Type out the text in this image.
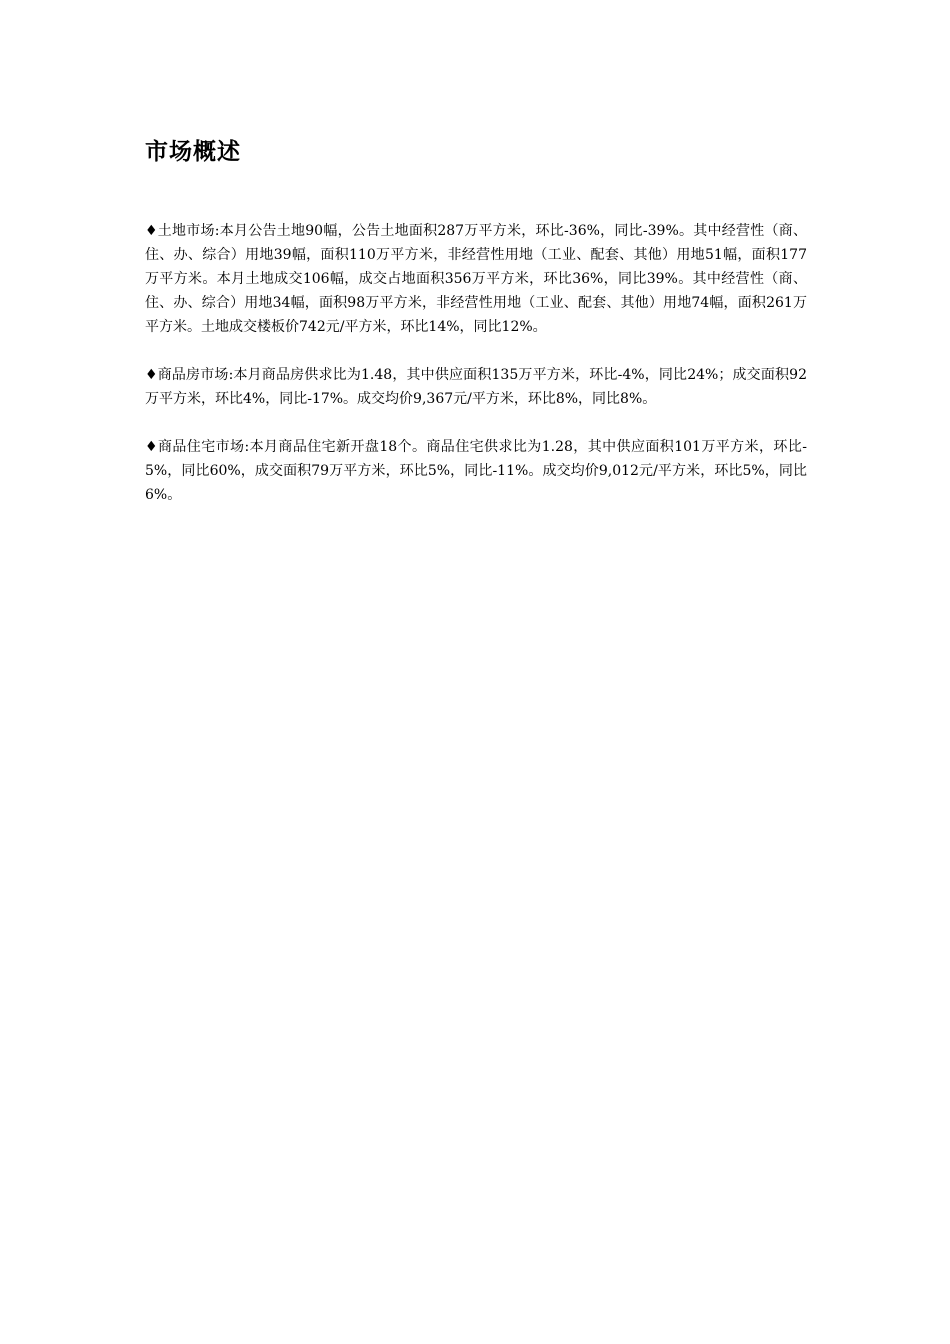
市场概述

♦土地市场:本月公告土地90幅，公告土地面积287万平方米，环比-36%，同比-39%。其中经营性（商、住、办、综合）用地39幅，面积110万平方米，非经营性用地（工业、配套、其他）用地51幅，面积177万平方米。本月土地成交106幅，成交占地面积356万平方米，环比36%，同比39%。其中经营性（商、住、办、综合）用地34幅，面积98万平方米，非经营性用地（工业、配套、其他）用地74幅，面积261万平方米。土地成交楼板价742元/平方米，环比14%，同比12%。

♦商品房市场:本月商品房供求比为1.48，其中供应面积135万平方米，环比-4%，同比24%；成交面积92万平方米，环比4%，同比-17%。成交均价9,367元/平方米，环比8%，同比8%。

♦商品住宅市场:本月商品住宅新开盘18个。商品住宅供求比为1.28，其中供应面积101万平方米，环比-5%，同比60%，成交面积79万平方米，环比5%，同比-11%。成交均价9,012元/平方米，环比5%，同比6%。
